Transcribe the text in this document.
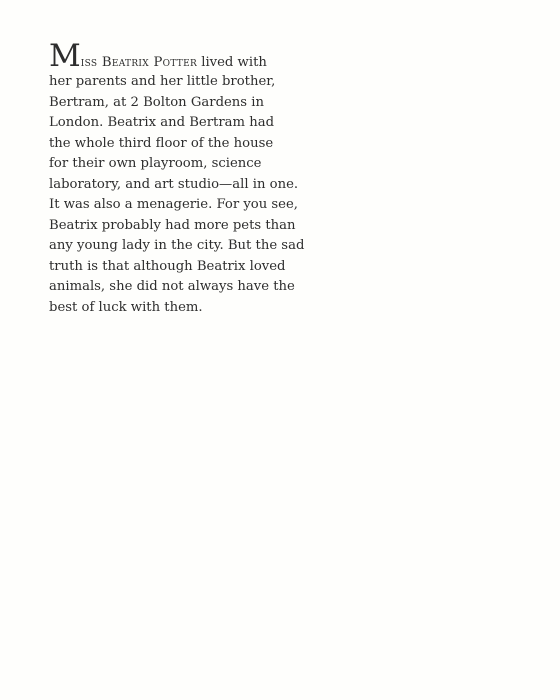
Miss Beatrix Potter lived with
her parents and her little brother,
Bertram, at 2 Bolton Gardens in
London. Beatrix and Bertram had
the whole third floor of the house
for their own playroom, science
laboratory, and art studio—all in one.
It was also a menagerie. For you see,
Beatrix probably had more pets than
any young lady in the city. But the sad
truth is that although Beatrix loved
animals, she did not always have the
best of luck with them.
